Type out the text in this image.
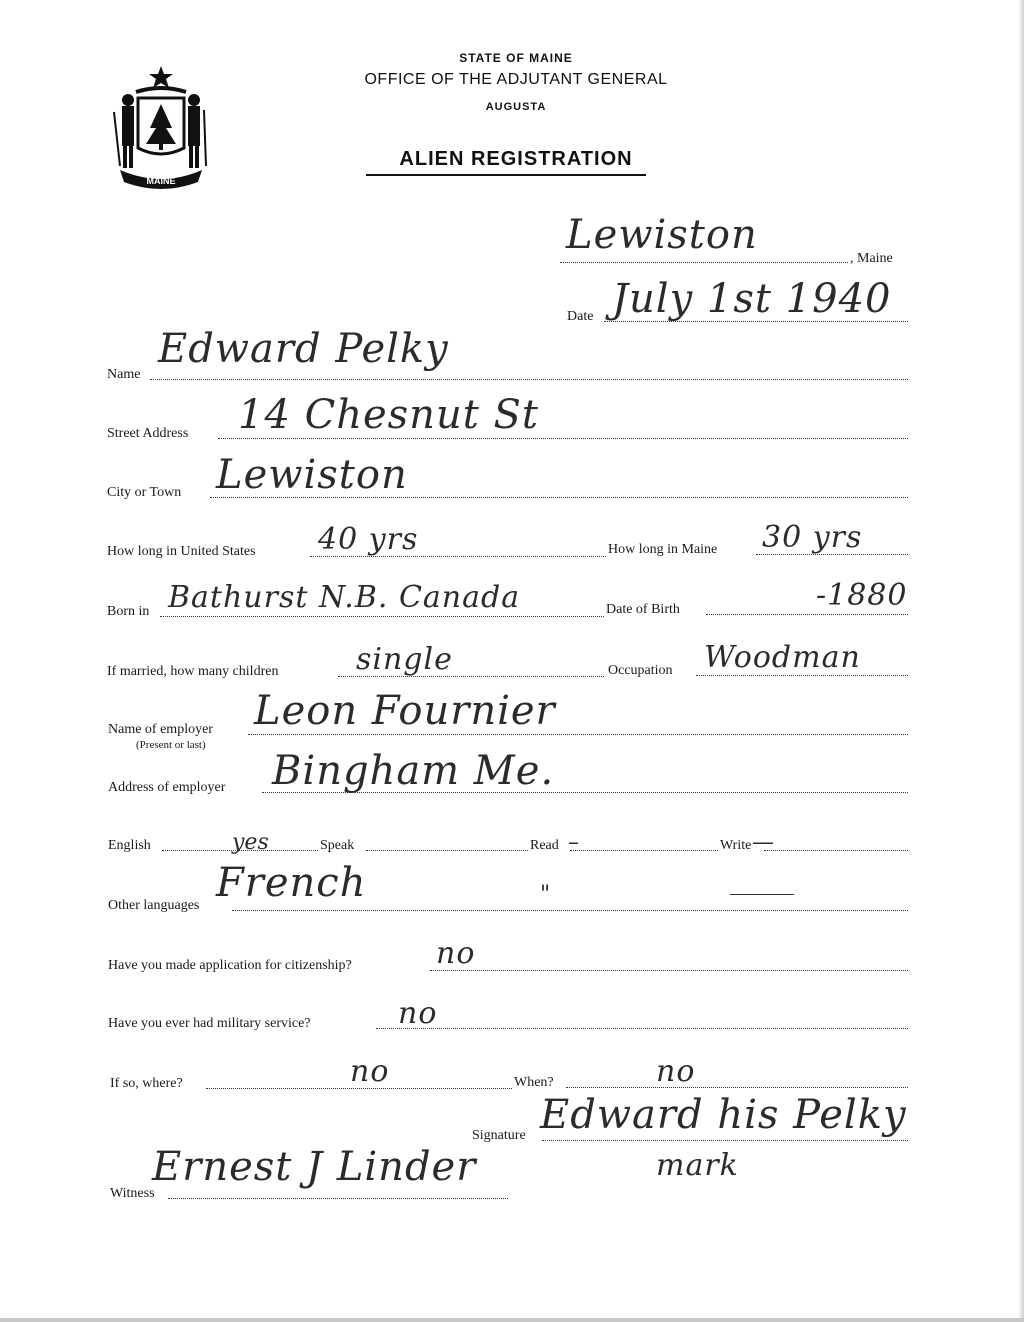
MAINE
STATE OF MAINE
OFFICE OF THE ADJUTANT GENERAL
AUGUSTA
ALIEN REGISTRATION
Lewiston
, Maine
Date July 1st 1940
Name
Edward Pelky
Street Address 14 Chesnut St
City or Town Lewiston
How long in United States 40 yrs	How long in Maine 30 yrs
Born in Bathurst N.B. Canada	Date of Birth	-1880
If married, how many children	single	Occupation Woodman
Name of employer
(Present or last)
Leon Fournier
Address of employer Bingham Me.
English	yes	Speak	Read –	Write —
Other languages French	"
Have you made application for citizenship?	no
Have you ever had military service?	no
If so, where?	no	When?	no
Signature Edward his Pelky
mark
Witness
Ernest J Linder
